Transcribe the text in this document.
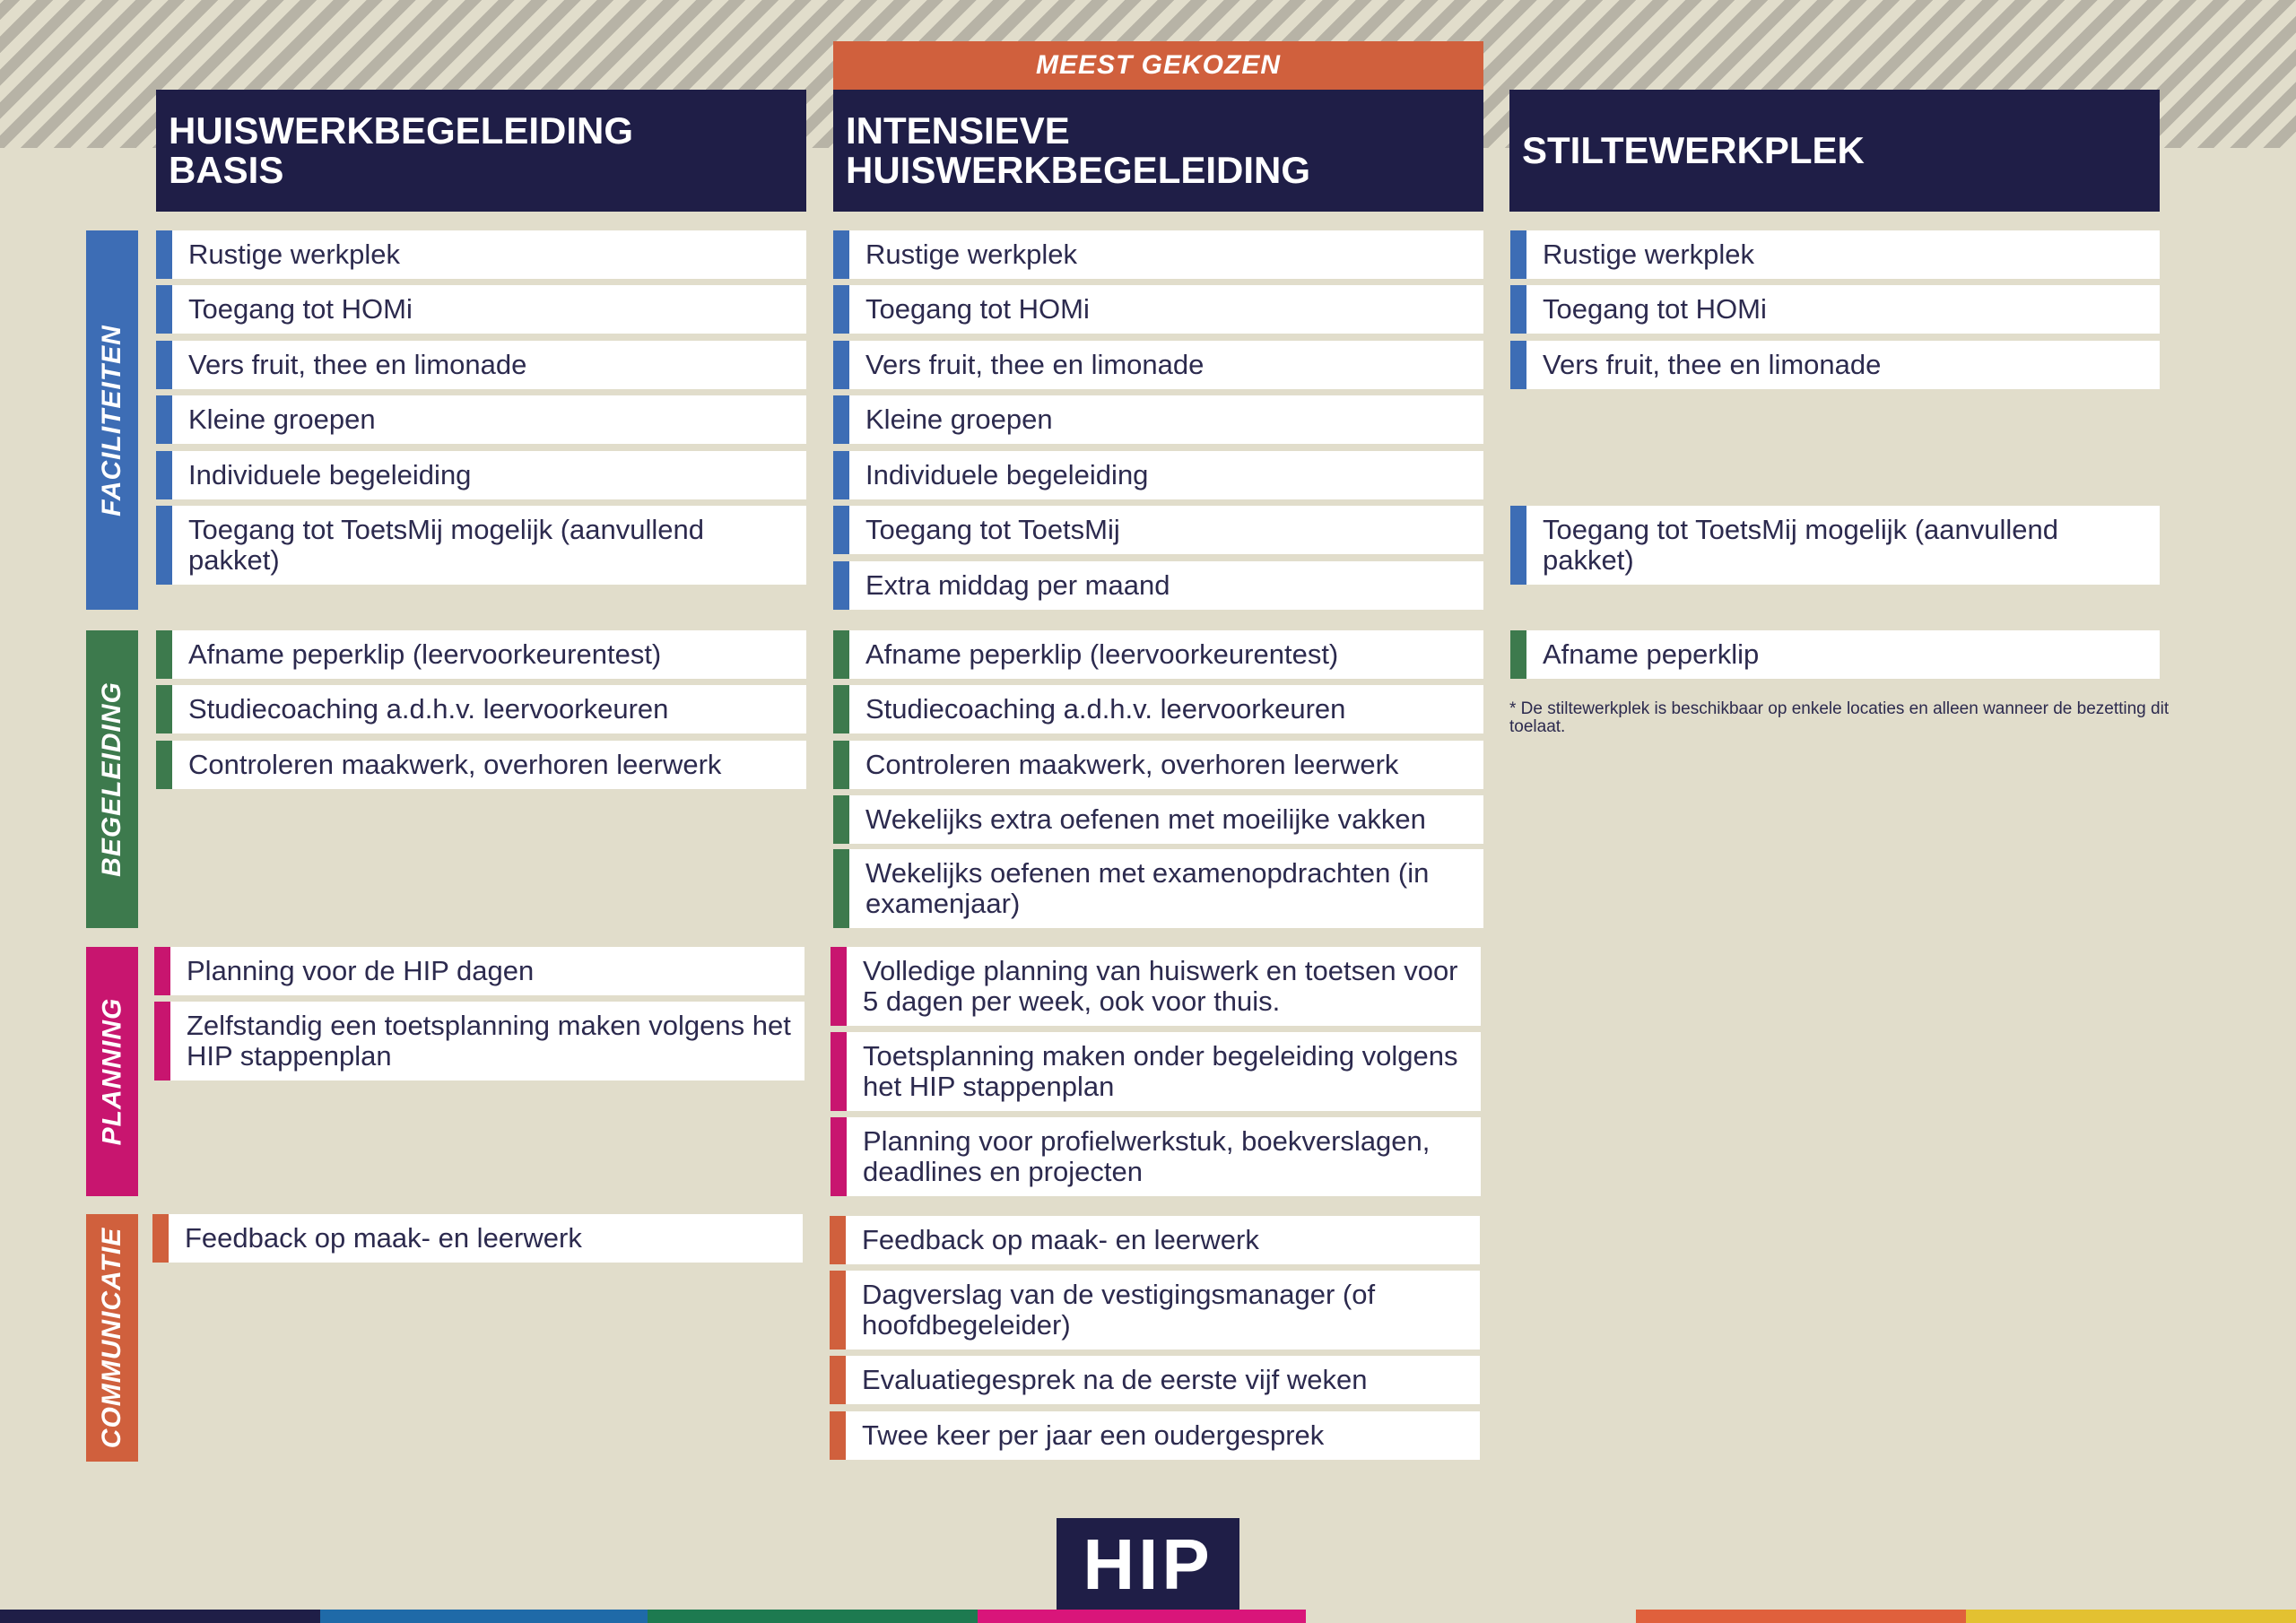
MEEST GEKOZEN
HUISWERKBEGELEIDING
BASIS
INTENSIEVE
HUISWERKBEGELEIDING	STILTEWERKPLEK
FACILITEITEN
BEGELEIDING
PLANNING
COMMUNICATIE
Rustige werkplek
Toegang tot HOMi
Vers fruit, thee en limonade
Kleine groepen
Individuele begeleiding
Toegang tot ToetsMij mogelijk (aanvullend pakket)
Afname peperklip (leervoorkeurentest)
Studiecoaching a.d.h.v. leervoorkeuren
Controleren maakwerk, overhoren leerwerk
Planning voor de HIP dagen
Zelfstandig een toetsplanning maken volgens het HIP stappenplan
Feedback op maak- en leerwerk
Rustige werkplek
Toegang tot HOMi
Vers fruit, thee en limonade
Kleine groepen
Individuele begeleiding
Toegang tot ToetsMij
Extra middag per maand
Afname peperklip (leervoorkeurentest)
Studiecoaching a.d.h.v. leervoorkeuren
Controleren maakwerk, overhoren leerwerk
Wekelijks extra oefenen met moeilijke vakken
Wekelijks oefenen met examenopdrachten (in examenjaar)
Volledige planning van huiswerk en toetsen voor 5 dagen per week, ook voor thuis.
Toetsplanning maken onder begeleiding volgens het HIP stappenplan
Planning voor profielwerkstuk, boekverslagen, deadlines en projecten
Feedback op maak- en leerwerk
Dagverslag van de vestigingsmanager (of hoofdbegeleider)
Evaluatiegesprek na de eerste vijf weken
Twee keer per jaar een oudergesprek
Rustige werkplek
Toegang tot HOMi
Vers fruit, thee en limonade
Toegang tot ToetsMij mogelijk (aanvullend pakket)
Afname peperklip
* De stiltewerkplek is beschikbaar op enkele locaties en alleen wanneer de bezetting dit toelaat.
HIP
